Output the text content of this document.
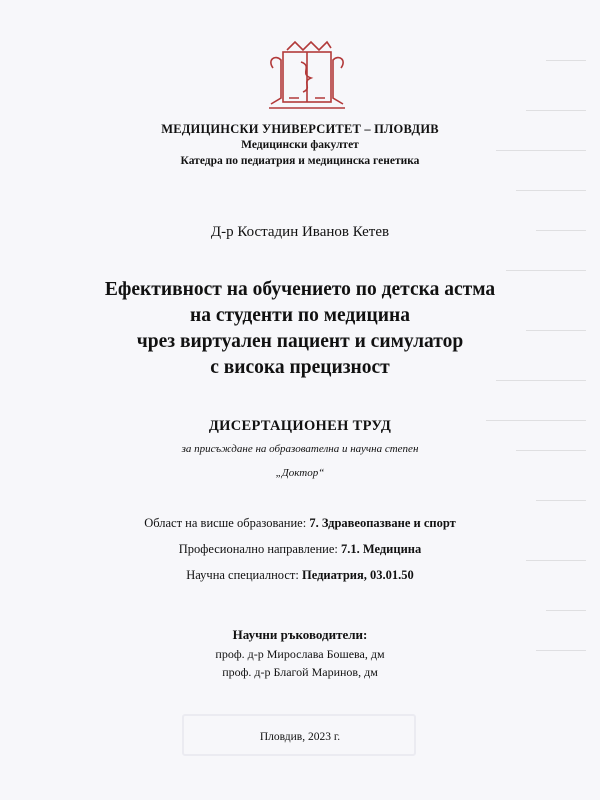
МЕДИЦИНСКИ УНИВЕРСИТЕТ – ПЛОВДИВ
Медицински факултет
Катедра по педиатрия и медицинска генетика
Д-р Костадин Иванов Кетев
Ефективност на обучението по детска астма
на студенти по медицина
чрез виртуален пациент и симулатор
с висока прецизност
ДИСЕРТАЦИОНЕН ТРУД
за присъждане на образователна и научна степен
„Доктор“
Област на висше образование: 7. Здравеопазване и спорт
Професионално направление: 7.1. Медицина
Научна специалност: Педиатрия, 03.01.50
Научни ръководители:
проф. д-р Мирослава Бошева, дм
проф. д-р Благой Маринов, дм
Пловдив, 2023 г.
